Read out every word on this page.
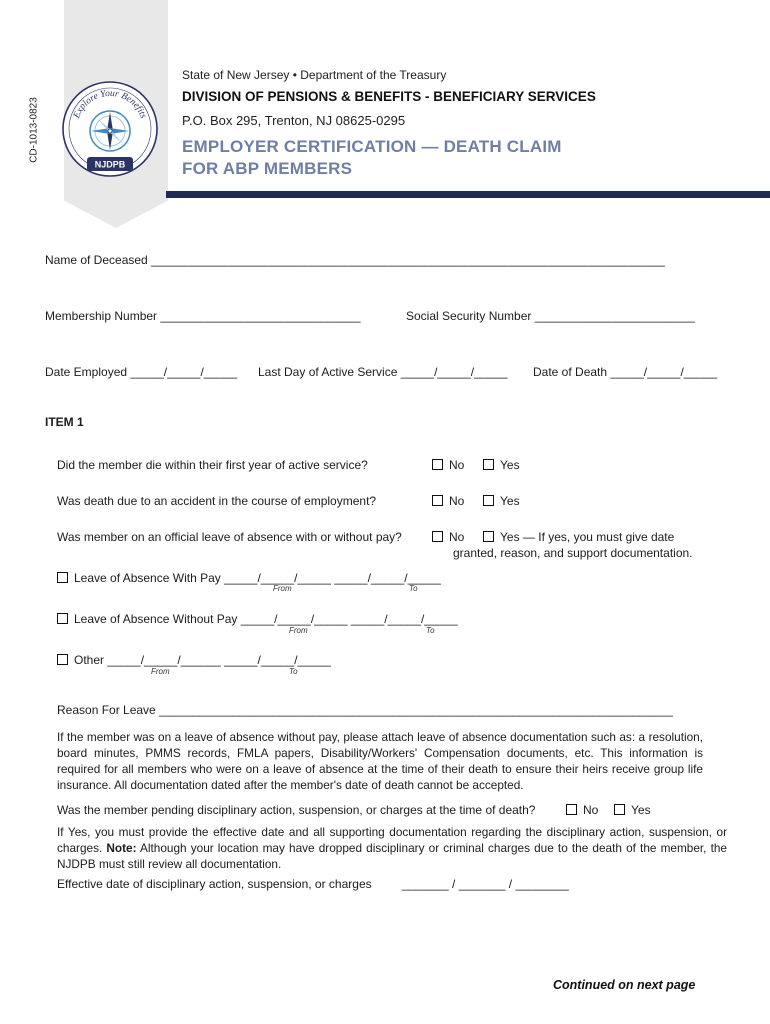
CD-1013-0823	Explore Your Benefits
NJDPB
State of New Jersey • Department of the Treasury
DIVISION OF PENSIONS & BENEFITS - BENEFICIARY SERVICES
P.O. Box 295, Trenton, NJ 08625-0295
EMPLOYER CERTIFICATION — DEATH CLAIM
FOR ABP MEMBERS
Name of Deceased _____________________________________________________________________________
Membership Number ______________________________	Social Security Number ________________________
Date Employed _____/_____/_____ Last Day of Active Service _____/_____/_____ Date of Death _____/_____/_____
ITEM 1
Did the member die within their first year of active service?	No	Yes
Was death due to an accident in the course of employment?	No	Yes
Was member on an official leave of absence with or without pay?	No	Yes — If yes, you must give date
granted, reason, and support documentation.
Leave of Absence With Pay _____/_____/_____ _____/_____/_____
From	To
Leave of Absence Without Pay _____/_____/_____ _____/_____/_____
From	To
Other _____/_____/______ _____/_____/_____
From	To
Reason For Leave _____________________________________________________________________________
If the member was on a leave of absence without pay, please attach leave of absence documentation such as: a resolution, board minutes, PMMS records, FMLA papers, Disability/Workers' Compensation documents, etc. This information is required for all members who were on a leave of absence at the time of their death to ensure their heirs receive group life insurance. All documentation dated after the member's date of death cannot be accepted.
Was the member pending disciplinary action, suspension, or charges at the time of death?	No	Yes
If Yes, you must provide the effective date and all supporting documentation regarding the disciplinary action, suspension, or charges. Note: Although your location may have dropped disciplinary or criminal charges due to the death of the member, the NJDPB must still review all documentation.
Effective date of disciplinary action, suspension, or charges	_______ / _______ / ________
Continued on next page
